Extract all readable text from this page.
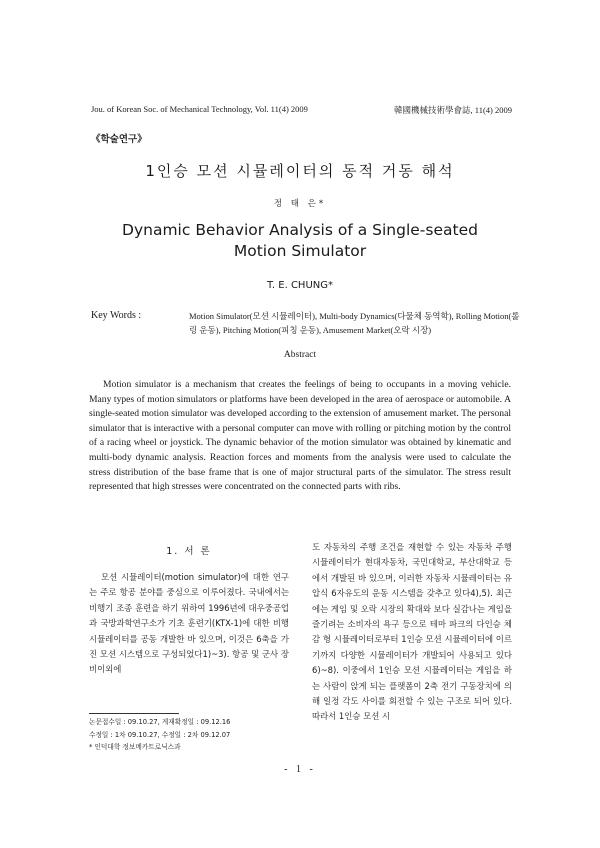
Jou. of Korean Soc. of Mechanical Technology, Vol. 11(4) 2009	韓國機械技術學會誌, 11(4) 2009
《학술연구》
1인승 모션 시뮬레이터의 동적 거동 해석
정 태 은*
Dynamic Behavior Analysis of a Single-seated Motion Simulator
T. E. CHUNG*
Key Words :	Motion Simulator(모션 시뮬레이터), Multi-body Dynamics(다물체 동역학), Rolling Motion(롤링 운동), Pitching Motion(피칭 운동), Amusement Market(오락 시장)
Abstract

Motion simulator is a mechanism that creates the feelings of being to occupants in a moving vehicle. Many types of motion simulators or platforms have been developed in the area of aerospace or automobile. A single-seated motion simulator was developed according to the extension of amusement market. The personal simulator that is interactive with a personal computer can move with rolling or pitching motion by the control of a racing wheel or joystick. The dynamic behavior of the motion simulator was obtained by kinematic and multi-body dynamic analysis. Reaction forces and moments from the analysis were used to calculate the stress distribution of the base frame that is one of major structural parts of the simulator. The stress result represented that high stresses were concentrated on the connected parts with ribs.

1. 서 론

모션 시뮬레이터(motion simulator)에 대한 연구는 주로 항공 분야를 중심으로 이루어졌다. 국내에서는 비행기 조종 훈련을 하기 위하여 1996년에 대우중공업과 국방과학연구소가 기초 훈련기(KTX-1)에 대한 비행 시뮬레이터를 공동 개발한 바 있으며, 이것은 6축을 가진 모션 시스템으로 구성되었다1)~3). 항공 및 군사 장비이외에

도 자동차의 주행 조건을 재현할 수 있는 자동차 주행 시뮬레이터가 현대자동차, 국민대학교, 부산대학교 등에서 개발된 바 있으며, 이러한 자동차 시뮬레이터는 유압식 6자유도의 운동 시스템을 갖추고 있다4),5). 최근에는 게임 및 오락 시장의 확대와 보다 실감나는 게임을 즐기려는 소비자의 욕구 등으로 테마 파크의 다인승 체감 형 시뮬레이터로부터 1인승 모션 시뮬레이터에 이르기까지 다양한 시뮬레이터가 개발되어 사용되고 있다6)~8). 이중에서 1인승 모션 시뮬레이터는 게임을 하는 사람이 앉게 되는 플랫폼이 2축 전기 구동장치에 의해 일정 각도 사이를 회전할 수 있는 구조로 되어 있다. 따라서 1인승 모션 시

논문접수일 : 09.10.27, 게재확정일 : 09.12.16
수정일 : 1차 09.10.27, 수정일 : 2차 09.12.07
* 인덕대학 정보메카트로닉스과
- 1 -
